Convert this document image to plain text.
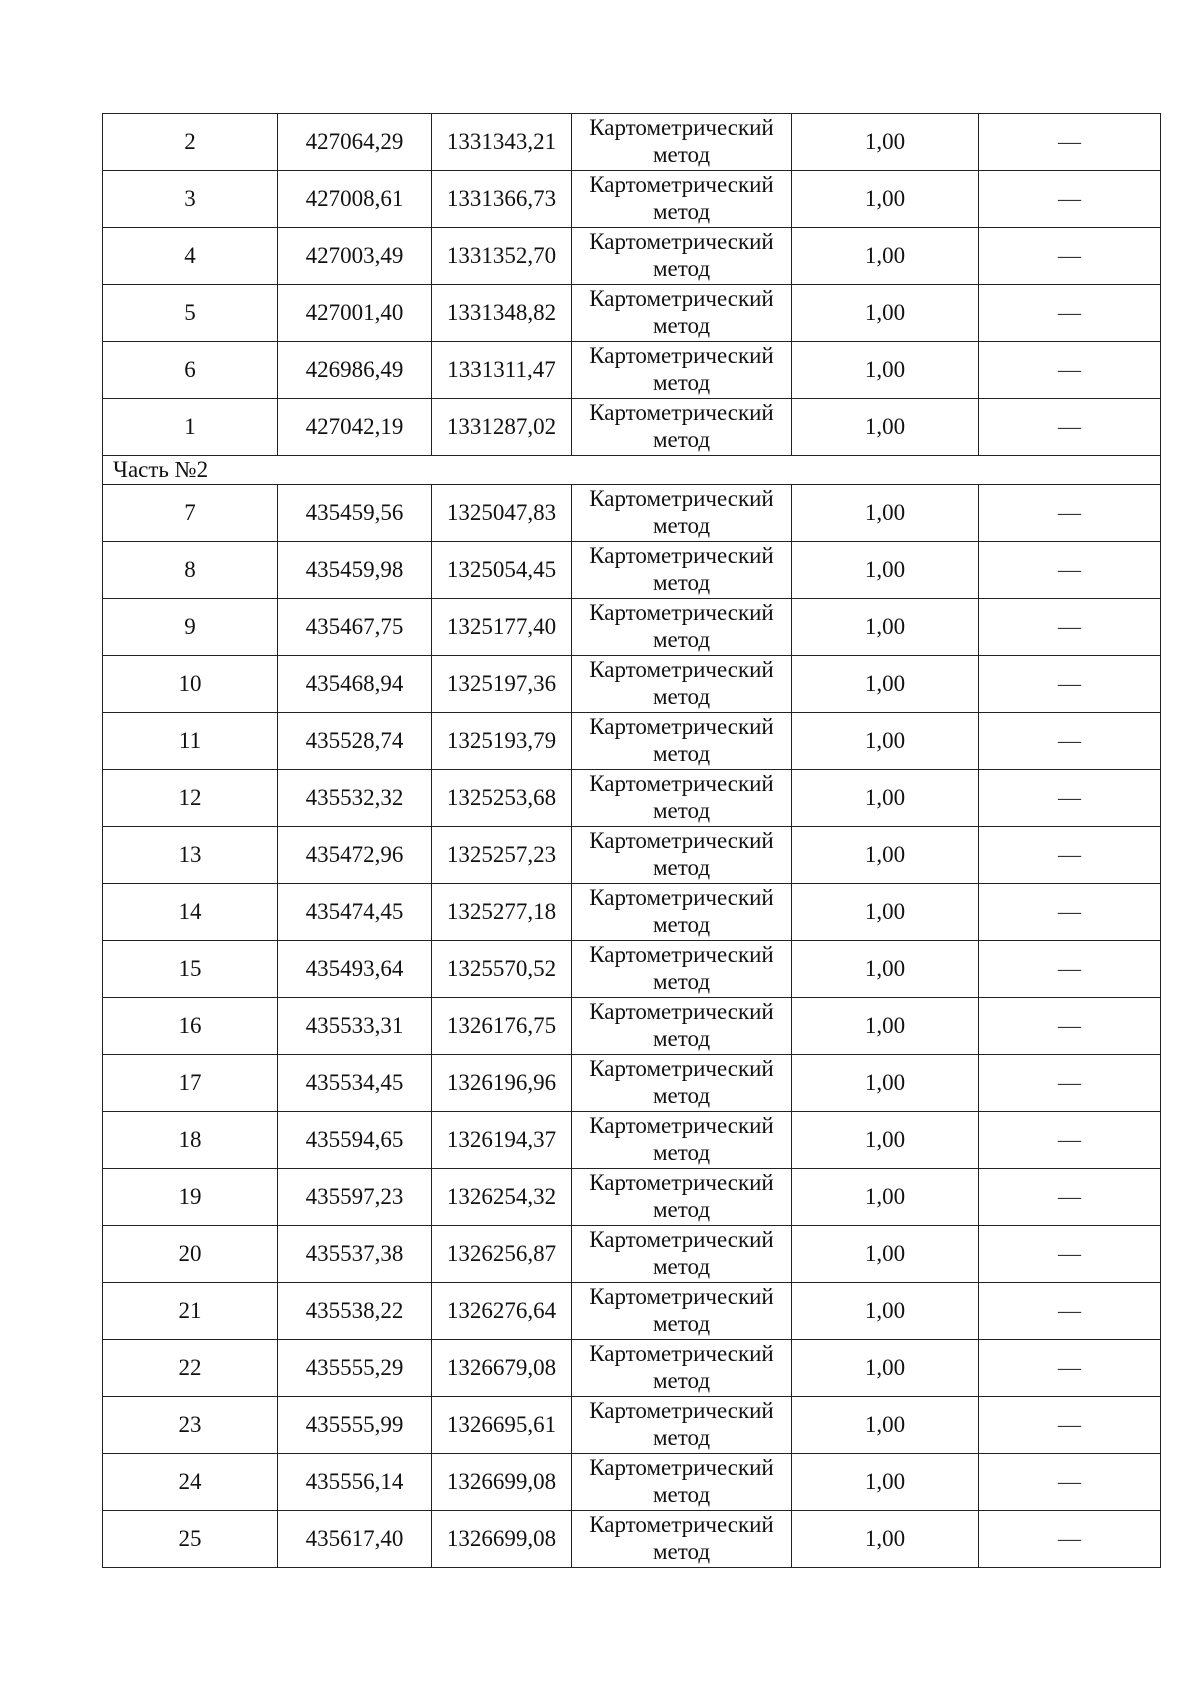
2	427064,29	1331343,21	Картометрический
метод	1,00	—
3	427008,61	1331366,73	Картометрический
метод	1,00	—
4	427003,49	1331352,70	Картометрический
метод	1,00	—
5	427001,40	1331348,82	Картометрический
метод	1,00	—
6	426986,49	1331311,47	Картометрический
метод	1,00	—
1	427042,19	1331287,02	Картометрический
метод	1,00	—
Часть №2					
7	435459,56	1325047,83	Картометрический
метод	1,00	—
8	435459,98	1325054,45	Картометрический
метод	1,00	—
9	435467,75	1325177,40	Картометрический
метод	1,00	—
10	435468,94	1325197,36	Картометрический
метод	1,00	—
11	435528,74	1325193,79	Картометрический
метод	1,00	—
12	435532,32	1325253,68	Картометрический
метод	1,00	—
13	435472,96	1325257,23	Картометрический
метод	1,00	—
14	435474,45	1325277,18	Картометрический
метод	1,00	—
15	435493,64	1325570,52	Картометрический
метод	1,00	—
16	435533,31	1326176,75	Картометрический
метод	1,00	—
17	435534,45	1326196,96	Картометрический
метод	1,00	—
18	435594,65	1326194,37	Картометрический
метод	1,00	—
19	435597,23	1326254,32	Картометрический
метод	1,00	—
20	435537,38	1326256,87	Картометрический
метод	1,00	—
21	435538,22	1326276,64	Картометрический
метод	1,00	—
22	435555,29	1326679,08	Картометрический
метод	1,00	—
23	435555,99	1326695,61	Картометрический
метод	1,00	—
24	435556,14	1326699,08	Картометрический
метод	1,00	—
25	435617,40	1326699,08	Картометрический
метод	1,00	—
